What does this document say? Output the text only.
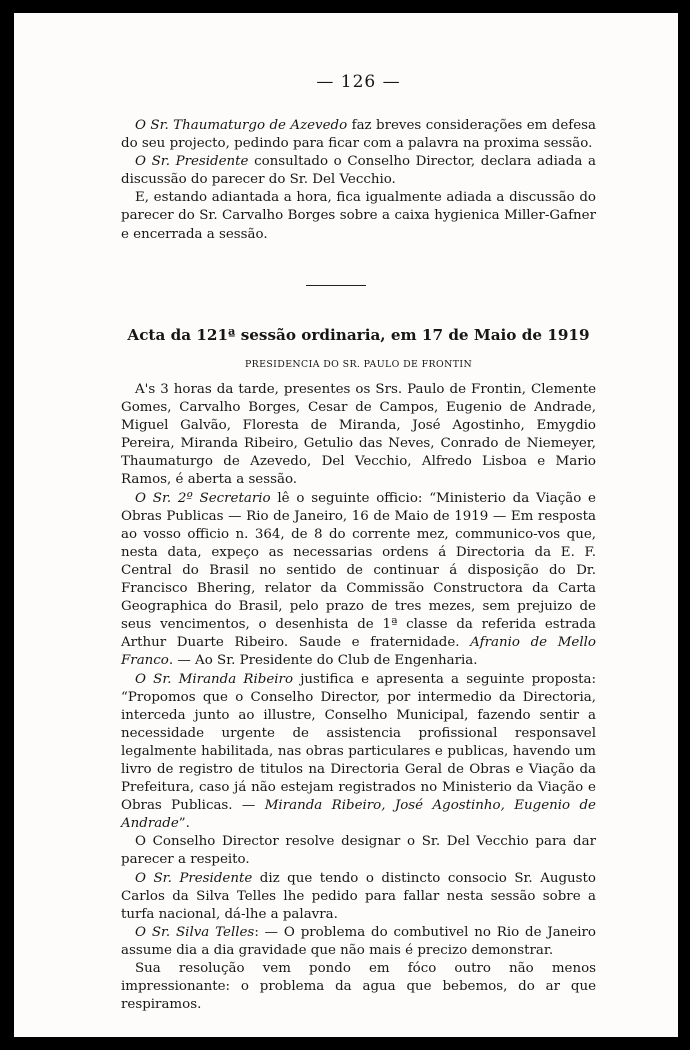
— 126 —

O Sr. Thaumaturgo de Azevedo faz breves considerações em defesa do seu projecto, pedindo para ficar com a palavra na proxima sessão.

O Sr. Presidente consultado o Conselho Director, declara adiada a discussão do parecer do Sr. Del Vecchio.

E, estando adiantada a hora, fica igualmente adiada a discussão do parecer do Sr. Carvalho Borges sobre a caixa hygienica Miller-Gafner e encerrada a sessão.

Acta da 121ª sessão ordinaria, em 17 de Maio de 1919
PRESIDENCIA DO SR. PAULO DE FRONTIN

A's 3 horas da tarde, presentes os Srs. Paulo de Frontin, Clemente Gomes, Carvalho Borges, Cesar de Campos, Eugenio de Andrade, Miguel Galvão, Floresta de Miranda, José Agostinho, Emygdio Pereira, Miranda Ribeiro, Getulio das Neves, Conrado de Niemeyer, Thaumaturgo de Azevedo, Del Vecchio, Alfredo Lisboa e Mario Ramos, é aberta a sessão.

O Sr. 2º Secretario lê o seguinte officio: “Ministerio da Viação e Obras Publicas — Rio de Janeiro, 16 de Maio de 1919 — Em resposta ao vosso officio n. 364, de 8 do corrente mez, communico-vos que, nesta data, expeço as necessarias ordens á Directoria da E. F. Central do Brasil no sentido de continuar á disposição do Dr. Francisco Bhering, relator da Commissão Constructora da Carta Geographica do Brasil, pelo prazo de tres mezes, sem prejuizo de seus vencimentos, o desenhista de 1ª classe da referida estrada Arthur Duarte Ribeiro. Saude e fraternidade. Afranio de Mello Franco. — Ao Sr. Presidente do Club de Engenharia.

O Sr. Miranda Ribeiro justifica e apresenta a seguinte proposta: “Propomos que o Conselho Director, por intermedio da Directoria, interceda junto ao illustre, Conselho Municipal, fazendo sentir a necessidade urgente de assistencia profissional responsavel legalmente habilitada, nas obras particulares e publicas, havendo um livro de registro de titulos na Directoria Geral de Obras e Viação da Prefeitura, caso já não estejam registrados no Ministerio da Viação e Obras Publicas. — Miranda Ribeiro, José Agostinho, Eugenio de Andrade”.

O Conselho Director resolve designar o Sr. Del Vecchio para dar parecer a respeito.

O Sr. Presidente diz que tendo o distincto consocio Sr. Augusto Carlos da Silva Telles lhe pedido para fallar nesta sessão sobre a turfa nacional, dá-lhe a palavra.

O Sr. Silva Telles: — O problema do combutivel no Rio de Janeiro assume dia a dia gravidade que não mais é precizo demonstrar.

Sua resolução vem pondo em fóco outro não menos impressionante: o problema da agua que bebemos, do ar que respiramos.
